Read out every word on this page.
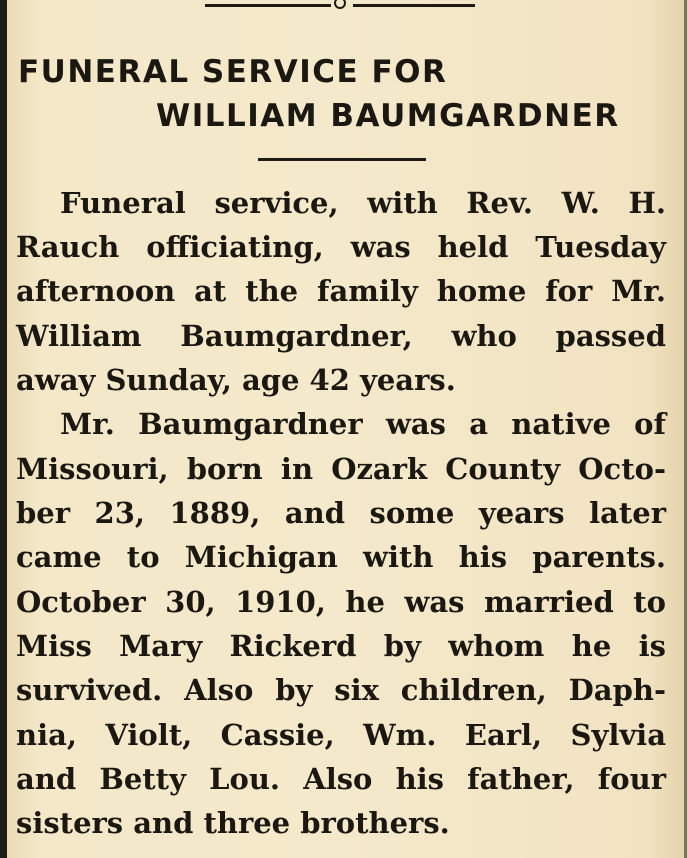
FUNERAL SERVICE FOR
WILLIAM BAUMGARDNER
Funeral service, with Rev. W. H.
Rauch officiating, was held Tuesday
afternoon at the family home for Mr.
William Baumgardner, who passed
away Sunday, age 42 years.
Mr. Baumgardner was a native of
Missouri, born in Ozark County Octo-
ber 23, 1889, and some years later
came to Michigan with his parents.
October 30, 1910, he was married to
Miss Mary Rickerd by whom he is
survived. Also by six children, Daph-
nia, Violt, Cassie, Wm. Earl, Sylvia
and Betty Lou. Also his father, four
sisters and three brothers.
